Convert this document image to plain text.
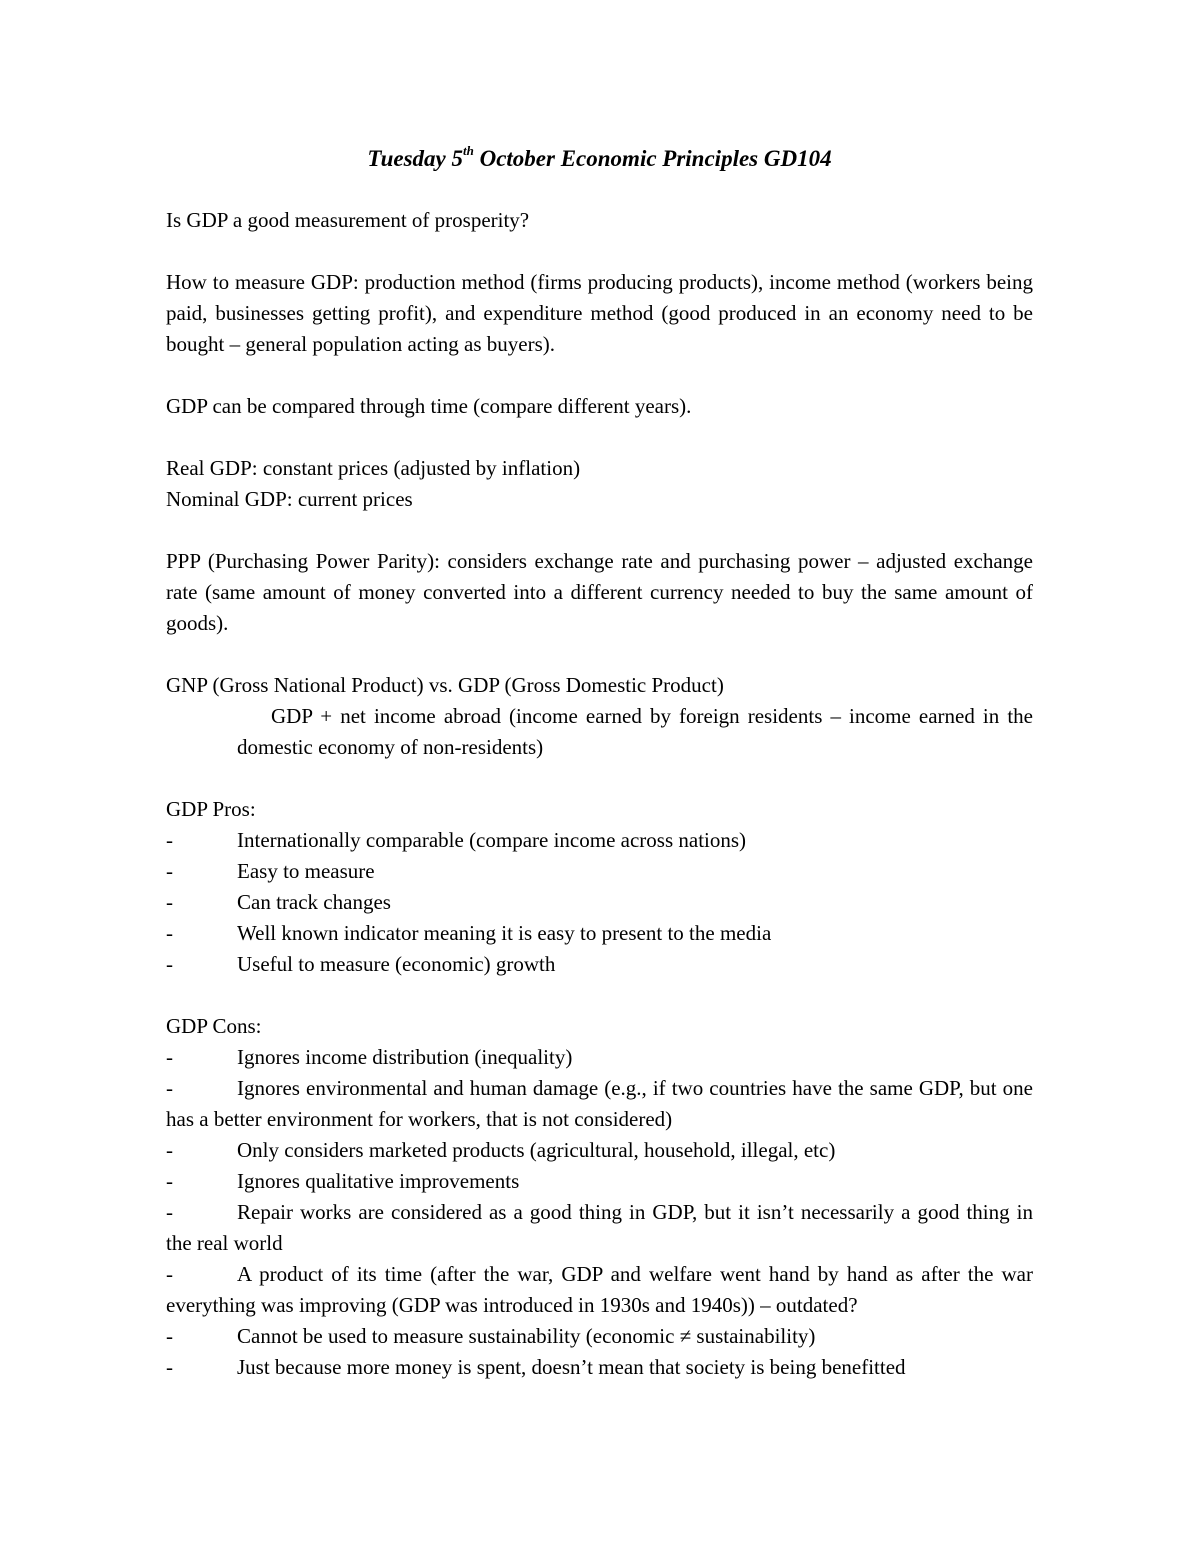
Tuesday 5th October Economic Principles GD104

Is GDP a good measurement of prosperity?

How to measure GDP: production method (firms producing products), income method (workers being paid, businesses getting profit), and expenditure method (good produced in an economy need to be bought – general population acting as buyers).

GDP can be compared through time (compare different years).

Real GDP: constant prices (adjusted by inflation)

Nominal GDP: current prices

PPP (Purchasing Power Parity): considers exchange rate and purchasing power – adjusted exchange rate (same amount of money converted into a different currency needed to buy the same amount of goods).

GNP (Gross National Product) vs. GDP (Gross Domestic Product)

GDP + net income abroad (income earned by foreign residents – income earned in the domestic economy of non-residents)

GDP Pros:

-	Internationally comparable (compare income across nations)

-	Easy to measure

-	Can track changes

-	Well known indicator meaning it is easy to present to the media

-	Useful to measure (economic) growth

GDP Cons:

-	Ignores income distribution (inequality)

-	Ignores environmental and human damage (e.g., if two countries have the same GDP, but one has a better environment for workers, that is not considered)

-	Only considers marketed products (agricultural, household, illegal, etc)

-	Ignores qualitative improvements

-	Repair works are considered as a good thing in GDP, but it isn’t necessarily a good thing in the real world

-	A product of its time (after the war, GDP and welfare went hand by hand as after the war everything was improving (GDP was introduced in 1930s and 1940s)) – outdated?

-	Cannot be used to measure sustainability (economic ≠ sustainability)

-	Just because more money is spent, doesn’t mean that society is being benefitted
